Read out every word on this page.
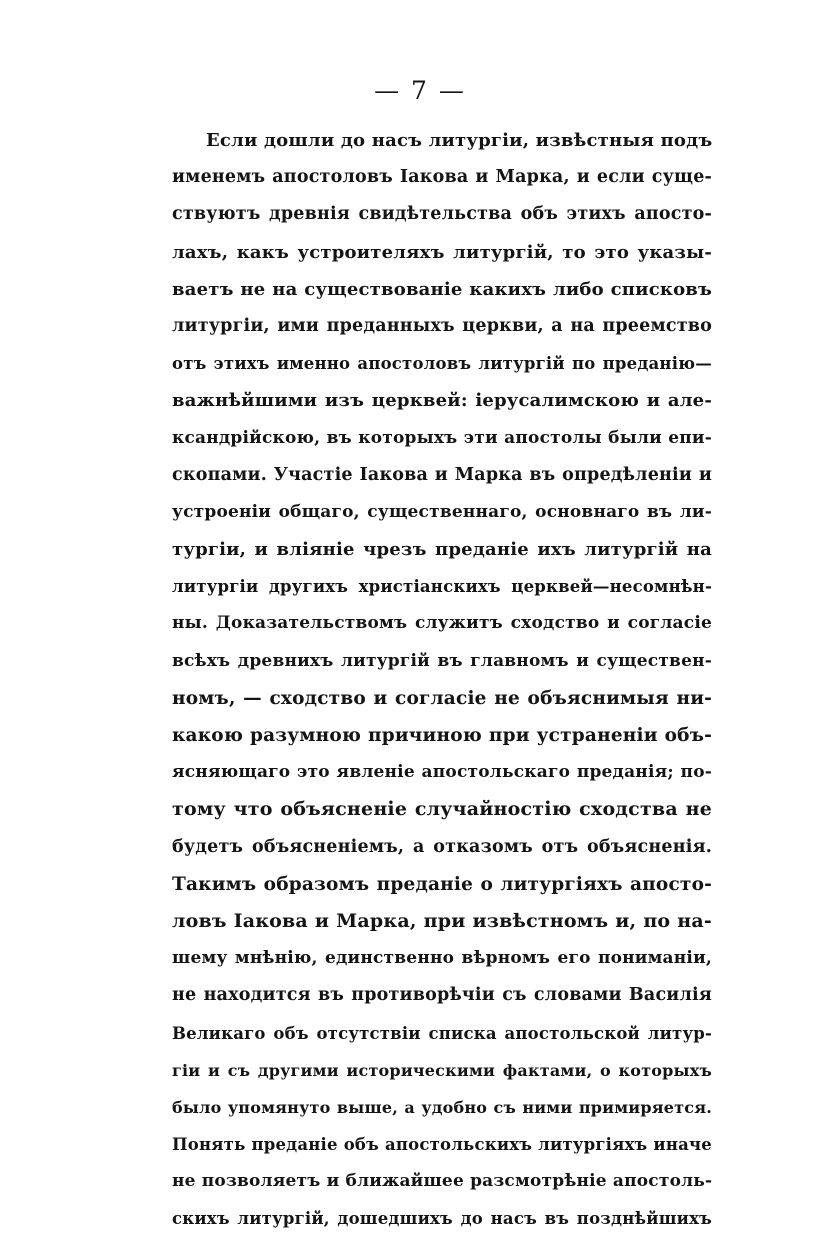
— 7 —
Если дошли до насъ литургіи, извѣстныя подъ
именемъ апостоловъ Іакова и Марка, и если суще-
ствуютъ древнія свидѣтельства объ этихъ апосто-
лахъ, какъ устроителяхъ литургій, то это указы-
ваетъ не на существованіе какихъ либо списковъ
литургіи, ими преданныхъ церкви, а на преемство
отъ этихъ именно апостоловъ литургій по преданію—
важнѣйшими изъ церквей: іерусалимскою и але-
ксандрійскою, въ которыхъ эти апостолы были епи-
скопами. Участіе Іакова и Марка въ опредѣленіи и
устроеніи общаго, существеннаго, основнаго въ ли-
тургіи, и вліяніе чрезъ преданіе ихъ литургій на
литургіи другихъ христіанскихъ церквей—несомнѣн-
ны. Доказательствомъ служитъ сходство и согласіе
всѣхъ древнихъ литургій въ главномъ и существен-
номъ, — сходство и согласіе не объяснимыя ни-
какою разумною причиною при устраненіи объ-
ясняющаго это явленіе апостольскаго преданія; по-
тому что объясненіе случайностію сходства не
будетъ объясненіемъ, а отказомъ отъ объясненія.
Такимъ образомъ преданіе о литургіяхъ апосто-
ловъ Іакова и Марка, при извѣстномъ и, по на-
шему мнѣнію, единственно вѣрномъ его пониманіи,
не находится въ противорѣчіи съ словами Василія
Великаго объ отсутствіи списка апостольской литур-
гіи и съ другими историческими фактами, о которыхъ
было упомянуто выше, а удобно съ ними примиряется.
Понять преданіе объ апостольскихъ литургіяхъ иначе
не позволяетъ и ближайшее разсмотрѣніе апостоль-
скихъ литургій, дошедшихъ до насъ въ позднѣйшихъ
